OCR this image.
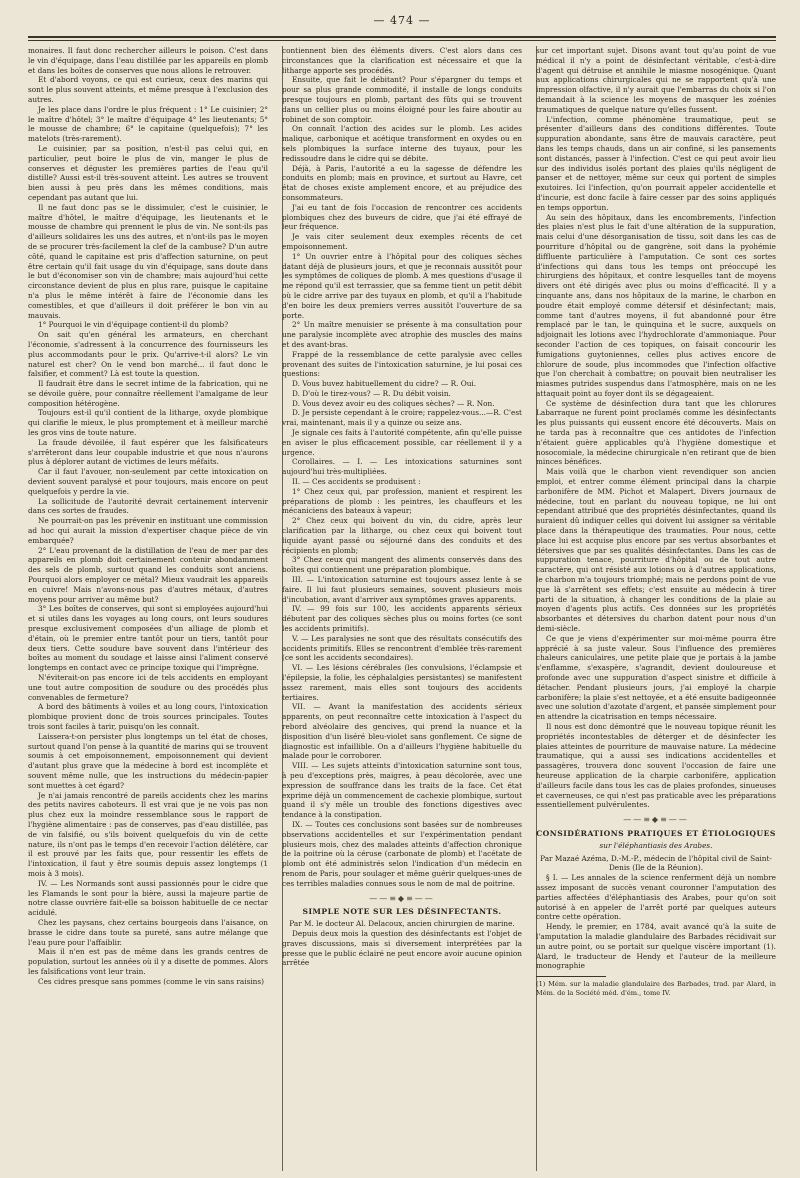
— 474 —

monaires. Il faut donc rechercher ailleurs le poison. C'est dans le vin d'équipage, dans l'eau distillée par les appareils en plomb et dans les boîtes de conserves que nous allons le retrouver.

Et d'abord voyons, ce qui est curieux, ceux des marins qui sont le plus souvent atteints, et même presque à l'exclusion des autres.

Je les place dans l'ordre le plus fréquent : 1° Le cuisinier; 2° le maître d'hôtel; 3° le maître d'équipage 4° les lieutenants; 5° le mousse de chambre; 6° le capitaine (quelquefois); 7° les matelots (très-rarement).

Le cuisinier, par sa position, n'est-il pas celui qui, en particulier, peut boire le plus de vin, manger le plus de conserves et déguster les premières parties de l'eau qu'il distille? Aussi est-il très-souvent atteint. Les autres se trouvent bien aussi à peu près dans les mêmes conditions, mais cependant pas autant que lui.

Il ne faut donc pas se le dissimuler, c'est le cuisinier, le maître d'hôtel, le maître d'équipage, les lieutenants et le mousse de chambre qui prennent le plus de vin. Ne sont-ils pas d'ailleurs solidaires les uns des autres, et n'ont-ils pas le moyen de se procurer très-facilement la clef de la cambuse? D'un autre côté, quand le capitaine est pris d'affection saturnine, on peut être certain qu'il fait usage du vin d'équipage, sans doute dans le but d'économiser son vin de chambre; mais aujourd'hui cette circonstance devient de plus en plus rare, puisque le capitaine n'a plus le même intérêt à faire de l'économie dans les comestibles, et que d'ailleurs il doit préférer le bon vin au mauvais.

1° Pourquoi le vin d'équipage contient-il du plomb?

On sait qu'en général les armateurs, en cherchant l'économie, s'adressent à la concurrence des fournisseurs les plus accommodants pour le prix. Qu'arrive-t-il alors? Le vin naturel est cher? On le vend bon marché... il faut donc le falsifier, et comment? Là est toute la question.

Il faudrait être dans le secret intime de la fabrication, qui ne se dévoile guère, pour connaître réellement l'amalgame de leur composition hétérogène.

Toujours est-il qu'il contient de la litharge, oxyde plombique qui clarifie le mieux, le plus promptement et à meilleur marché les gros vins de toute nature.

La fraude dévoilée, il faut espérer que les falsificateurs s'arrêteront dans leur coupable industrie et que nous n'aurons plus à déplorer autant de victimes de leurs méfaits.

Car il faut l'avouer, non-seulement par cette intoxication on devient souvent paralysé et pour toujours, mais encore on peut quelquefois y perdre la vie.

La sollicitude de l'autorité devrait certainement intervenir dans ces sortes de fraudes.

Ne pourrait-on pas les prévenir en instituant une commission ad hoc qui aurait la mission d'expertiser chaque pièce de vin embarquée?

2° L'eau provenant de la distillation de l'eau de mer par des appareils en plomb doit certainement contenir abondamment des sels de plomb, surtout quand les conduits sont anciens. Pourquoi alors employer ce métal? Mieux vaudrait les appareils en cuivre! Mais n'avons-nous pas d'autres métaux, d'autres moyens pour arriver au même but?

3° Les boîtes de conserves, qui sont si employées aujourd'hui et si utiles dans les voyages au long cours, ont leurs soudures presque exclusivement composées d'un alliage de plomb et d'étain, où le premier entre tantôt pour un tiers, tantôt pour deux tiers. Cette soudure bave souvent dans l'intérieur des boîtes au moment du soudage et laisse ainsi l'aliment conservé longtemps en contact avec ce principe toxique qui l'imprègne.

N'éviterait-on pas encore ici de tels accidents en employant une tout autre composition de soudure ou des procédés plus convenables de fermeture?

A bord des bâtiments à voiles et au long cours, l'intoxication plombique provient donc de trois sources principales. Toutes trois sont faciles à tarir, puisqu'on les connaît.

Laissera-t-on persister plus longtemps un tel état de choses, surtout quand l'on pense à la quantité de marins qui se trouvent soumis à cet empoisonnement, empoisonnement qui devient d'autant plus grave que la médecine à bord est incomplète et souvent même nulle, que les instructions du médecin-papier sont muettes à cet égard?

Je n'ai jamais rencontré de pareils accidents chez les marins des petits navires caboteurs. Il est vrai que je ne vois pas non plus chez eux la moindre ressemblance sous le rapport de l'hygiène alimentaire : pas de conserves, pas d'eau distillée, pas de vin falsifié, ou s'ils boivent quelquefois du vin de cette nature, ils n'ont pas le temps d'en recevoir l'action délétère, car il est prouvé par les faits que, pour ressentir les effets de l'intoxication, il faut y être soumis depuis assez longtemps (1 mois à 3 mois).

IV. — Les Normands sont aussi passionnés pour le cidre que les Flamands le sont pour la bière, aussi la majeure partie de notre classe ouvrière fait-elle sa boisson habituelle de ce nectar acidulé.

Chez les paysans, chez certains bourgeois dans l'aisance, on brasse le cidre dans toute sa pureté, sans autre mélange que l'eau pure pour l'affaiblir.

Mais il n'en est pas de même dans les grands centres de population, surtout les années où il y a disette de pommes. Alors les falsifications vont leur train.

Ces cidres presque sans pommes (comme le vin sans raisins)

contiennent bien des éléments divers. C'est alors dans ces circonstances que la clarification est nécessaire et que la litharge apporte ses procédés.

Ensuite, que fait le débitant? Pour s'épargner du temps et pour sa plus grande commodité, il installe de longs conduits presque toujours en plomb, partant des fûts qui se trouvent dans un cellier plus ou moins éloigné pour les faire aboutir au robinet de son comptoir.

On connaît l'action des acides sur le plomb. Les acides malique, carbonique et acétique transforment en oxydes ou en sels plombiques la surface interne des tuyaux, pour les redissoudre dans le cidre qui se débite.

Déjà, à Paris, l'autorité a eu la sagesse de défendre les conduits en plomb; mais en province, et surtout au Havre, cet état de choses existe amplement encore, et au préjudice des consommateurs.

J'ai eu tant de fois l'occasion de rencontrer ces accidents plombiques chez des buveurs de cidre, que j'ai été effrayé de leur fréquence.

Je vais citer seulement deux exemples récents de cet empoisonnement.

1° Un ouvrier entre à l'hôpital pour des coliques sèches datant déjà de plusieurs jours, et que je reconnais aussitôt pour les symptômes de coliques de plomb. A mes questions d'usage il me répond qu'il est terrassier, que sa femme tient un petit débit où le cidre arrive par des tuyaux en plomb, et qu'il a l'habitude d'en boire les deux premiers verres aussitôt l'ouverture de sa porte.

2° Un maître menuisier se présente à ma consultation pour une paralysie incomplète avec atrophie des muscles des mains et des avant-bras.

Frappé de la ressemblance de cette paralysie avec celles provenant des suites de l'intoxication saturnine, je lui posai ces questions:

D. Vous buvez habituellement du cidre? — R. Oui.

D. D'où le tirez-vous? — R. Du débit voisin.

D. Vous devez avoir eu des coliques sèches? — R. Non.

D. Je persiste cependant à le croire; rappelez-vous...—R. C'est vrai, maintenant, mais il y a quinze ou seize ans.

Je signale ces faits à l'autorité compétente, afin qu'elle puisse en aviser le plus efficacement possible, car réellement il y a urgence.

Corollaires. — I. — Les intoxications saturnines sont aujourd'hui très-multipliées.

II. — Ces accidents se produisent :

1° Chez ceux qui, par profession, manient et respirent les préparations de plomb : les peintres, les chauffeurs et les mécaniciens des bateaux à vapeur;

2° Chez ceux qui boivent du vin, du cidre, après leur clarification par la litharge, ou chez ceux qui boivent tout liquide ayant passé ou séjourné dans des conduits et des récipients en plomb;

3° Chez ceux qui mangent des aliments conservés dans des boîtes qui contiennent une préparation plombique.

III. — L'intoxication saturnine est toujours assez lente à se faire. Il lui faut plusieurs semaines, souvent plusieurs mois d'incubation, avant d'arriver aux symptômes graves apparents.

IV. — 99 fois sur 100, les accidents apparents sérieux débutent par des coliques sèches plus ou moins fortes (ce sont les accidents primitifs).

V. — Les paralysies ne sont que des résultats consécutifs des accidents primitifs. Elles se rencontrent d'emblée très-rarement (ce sont les accidents secondaires).

VI. — Les lésions cérébrales (les convulsions, l'éclampsie et l'épilepsie, la folie, les céphalalgies persistantes) se manifestent assez rarement, mais elles sont toujours des accidents tertiaires.

VII. — Avant la manifestation des accidents sérieux apparents, on peut reconnaître cette intoxication à l'aspect du rebord alvéolaire des gencives, qui prend la nuance et la disposition d'un liséré bleu-violet sans gonflement. Ce signe de diagnostic est infaillible. On a d'ailleurs l'hygiène habituelle du malade pour le corroborer.

VIII. — Les sujets atteints d'intoxication saturnine sont tous, à peu d'exceptions près, maigres, à peau décolorée, avec une expression de souffrance dans les traits de la face. Cet état exprime déjà un commencement de cachexie plombique, surtout quand il s'y mêle un trouble des fonctions digestives avec tendance à la constipation.

IX. — Toutes ces conclusions sont basées sur de nombreuses observations accidentelles et sur l'expérimentation pendant plusieurs mois, chez des malades atteints d'affection chronique de la poitrine où la céruse (carbonate de plomb) et l'acétate de plomb ont été administrés selon l'indication d'un médecin en renom de Paris, pour soulager et même guérir quelques-unes de ces terribles maladies connues sous le nom de mal de poitrine.

——≡◆≡——
SIMPLE NOTE SUR LES DÉSINFECTANTS.

Par M. le docteur Al. Delacoux, ancien chirurgien de marine.

Depuis deux mois la question des désinfectants est l'objet de graves discussions, mais si diversement interprétées par la presse que le public éclairé ne peut encore avoir aucune opinion arrêtée

sur cet important sujet. Disons avant tout qu'au point de vue médical il n'y a point de désinfectant véritable, c'est-à-dire d'agent qui détruise et annihile le miasme nosogénique. Quant aux applications chirurgicales qui ne se rapportent qu'à une impression olfactive, il n'y aurait que l'embarras du choix si l'on demandait à la science les moyens de masquer les zoénies traumatiques de quelque nature qu'elles fussent.

L'infection, comme phénomène traumatique, peut se présenter d'ailleurs dans des conditions différentes. Toute suppuration abondante, sans être de mauvais caractère, peut dans les temps chauds, dans un air confiné, si les pansements sont distancés, passer à l'infection. C'est ce qui peut avoir lieu sur des individus isolés portant des plaies qu'ils négligent de panser et de nettoyer, même sur ceux qui portent de simples exutoires. Ici l'infection, qu'on pourrait appeler accidentelle et d'incurie, est donc facile à faire cesser par des soins appliqués en temps opportun.

Au sein des hôpitaux, dans les encombrements, l'infection des plaies n'est plus le fait d'une altération de la suppuration, mais celui d'une désorganisation de tissu, soit dans les cas de pourriture d'hôpital ou de gangrène, soit dans la pyohémie diffluente particulière à l'amputation. Ce sont ces sortes d'infections qui dans tous les temps ont préoccupé les chirurgiens des hôpitaux, et contre lesquelles tant de moyens divers ont été dirigés avec plus ou moins d'efficacité. Il y a cinquante ans, dans nos hôpitaux de la marine, le charbon en poudre était employé comme détersif et désinfectant; mais, comme tant d'autres moyens, il fut abandonné pour être remplacé par le tan, le quinquina et le sucre, auxquels on adjoignait les lotions avec l'hydrochlorate d'ammoniaque. Pour seconder l'action de ces topiques, on faisait concourir les fumigations guytoniennes, celles plus actives encore de chlorure de soude, plus incommodes que l'infection olfactive que l'on cherchait à combattre; on pouvait bien neutraliser les miasmes putrides suspendus dans l'atmosphère, mais on ne les attaquait point au foyer dont ils se dégageaient.

Ce système de désinfection dura tant que les chlorures Labarraque ne furent point proclamés comme les désinfectants les plus puissants qui eussent encore été découverts. Mais on ne tarda pas à reconnaître que ces antidotes de l'infection n'étaient guère applicables qu'à l'hygiène domestique et nosocomiale, la médecine chirurgicale n'en retirant que de bien minces bénéfices.

Mais voilà que le charbon vient revendiquer son ancien emploi, et entrer comme élément principal dans la charpie carbonifère de MM. Pichot et Malapert. Divers journaux de médecine, tout en parlant du nouveau topique, ne lui ont cependant attribué que des propriétés désinfectantes, quand ils auraient dû indiquer celles qui doivent lui assigner sa véritable place dans la thérapeutique des traumaties. Pour nous, cette place lui est acquise plus encore par ses vertus absorbantes et détersives que par ses qualités désinfectantes. Dans les cas de suppuration tenace, pourriture d'hôpital ou de tout autre caractère, qui ont résisté aux lotions ou à d'autres applications, le charbon m'a toujours triomphé; mais ne perdons point de vue que là s'arrêtent ses effets; c'est ensuite au médecin à tirer parti de la situation, à changer les conditions de la plaie au moyen d'agents plus actifs. Ces données sur les propriétés absorbantes et détersives du charbon datent pour nous d'un demi-siècle.

Ce que je viens d'expérimenter sur moi-même pourra être apprécié à sa juste valeur. Sous l'influence des premières chaleurs caniculaires, une petite plaie que je portais à la jambe s'enflamme, s'exaspère, s'agrandit, devient douloureuse et profonde avec une suppuration d'aspect sinistre et difficile à détacher. Pendant plusieurs jours, j'ai employé la charpie carbonifère; la plaie s'est nettoyée, et a été ensuite badigeonnée avec une solution d'azotate d'argent, et pansée simplement pour en attendre la cicatrisation en temps nécessaire.

Il nous est donc démontré que le nouveau topique réunit les propriétés incontestables de déterger et de désinfecter les plaies atteintes de pourriture de mauvaise nature. La médecine traumatique, qui a aussi ses indications accidentelles et passagères, trouvera donc souvent l'occasion de faire une heureuse application de la charpie carbonifère, application d'ailleurs facile dans tous les cas de plaies profondes, sinueuses et caverneuses, ce qui n'est pas praticable avec les préparations essentiellement pulvérulentes.

——≡◆≡——
CONSIDÉRATIONS PRATIQUES ET ÉTIOLOGIQUES
sur l'éléphantiasis des Arabes.

Par Mazaé Azéma, D.-M.-P., médecin de l'hôpital civil de Saint-Denis (Ile de la Réunion).

§ I. — Les annales de la science renferment déjà un nombre assez imposant de succès venant couronner l'amputation des parties affectées d'éléphantiasis des Arabes, pour qu'on soit autorisé à en appeler de l'arrêt porté par quelques auteurs contre cette opération.

Hendy, le premier, en 1784, avait avancé qu'à la suite de l'amputation la maladie glandulaire des Barbades récidivait sur un autre point, ou se portait sur quelque viscère important (1). Alard, le traducteur de Hendy et l'auteur de la meilleure monographie

(1) Mém. sur la maladie glandulaire des Barbades, trad. par Alard, in Mém. de la Société méd. d'ém., tome IV.
